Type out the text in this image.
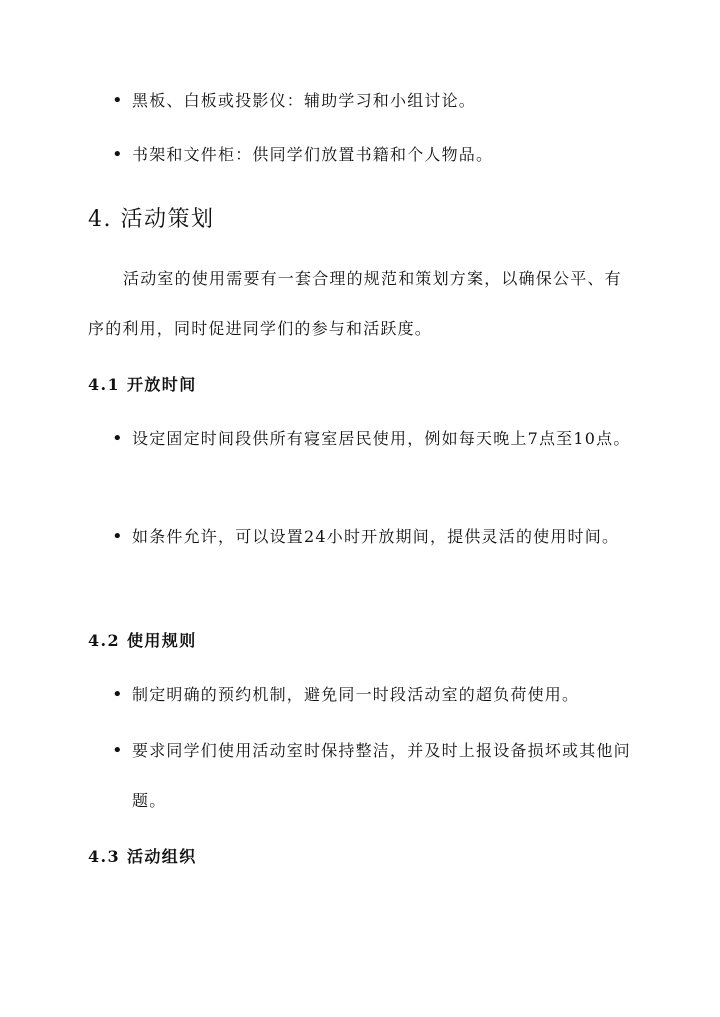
• 黑板、白板或投影仪：辅助学习和小组讨论。
• 书架和文件柜：供同学们放置书籍和个人物品。
4. 活动策划
活动室的使用需要有一套合理的规范和策划方案，以确保公平、有序的利用，同时促进同学们的参与和活跃度。
4.1 开放时间
• 设定固定时间段供所有寝室居民使用，例如每天晚上7点至10点。
• 如条件允许，可以设置24小时开放期间，提供灵活的使用时间。
4.2 使用规则
• 制定明确的预约机制，避免同一时段活动室的超负荷使用。
• 要求同学们使用活动室时保持整洁，并及时上报设备损坏或其他问题。
4.3 活动组织
